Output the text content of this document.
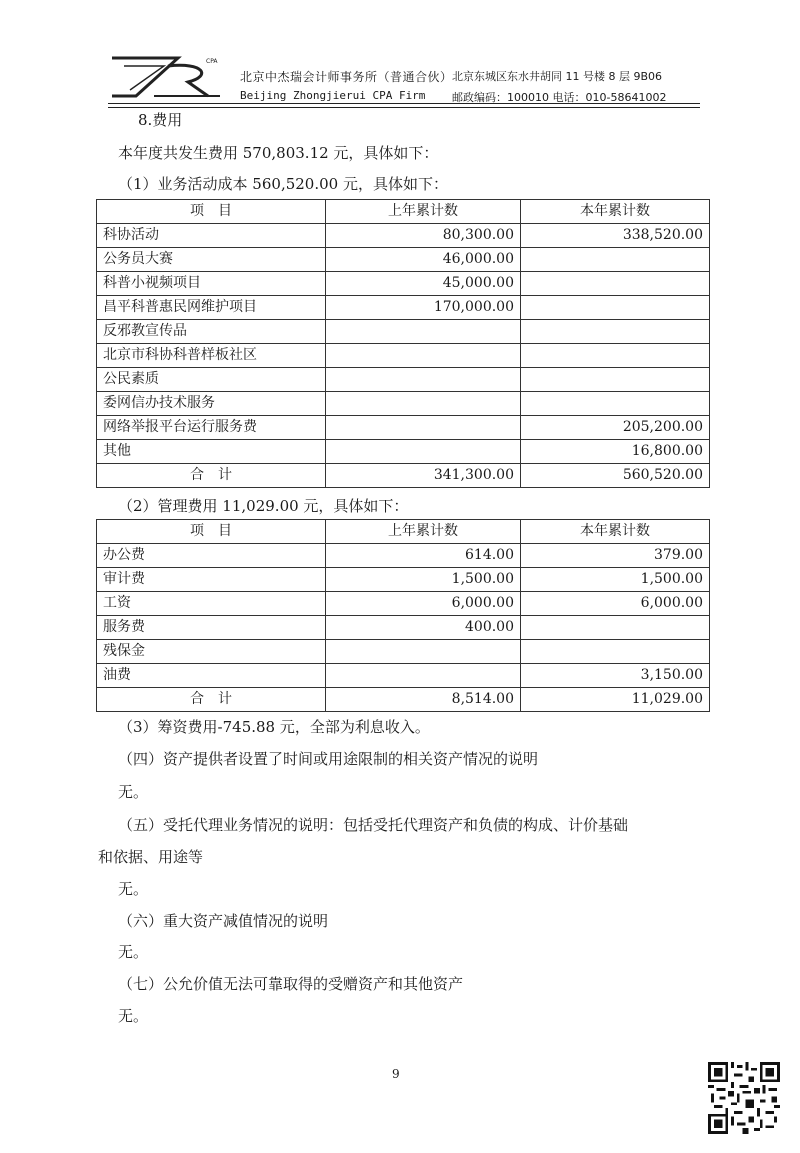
CPA
北京中杰瑞会计师事务所（普通合伙）
Beijing Zhongjierui CPA Firm
北京东城区东水井胡同 11 号楼 8 层 9B06
邮政编码：100010 电话：010-58641002
8.费用
本年度共发生费用 570,803.12 元，具体如下：
（1）业务活动成本 560,520.00 元，具体如下：
项　目	上年累计数	本年累计数
科协活动	80,300.00	338,520.00
公务员大赛	46,000.00	
科普小视频项目	45,000.00	
昌平科普惠民网维护项目	170,000.00	
反邪教宣传品		
北京市科协科普样板社区		
公民素质		
委网信办技术服务		
网络举报平台运行服务费		205,200.00
其他		16,800.00
合　计	341,300.00	560,520.00
（2）管理费用 11,029.00 元，具体如下：
项　目	上年累计数	本年累计数
办公费	614.00	379.00
审计费	1,500.00	1,500.00
工资	6,000.00	6,000.00
服务费	400.00	
残保金		
油费		3,150.00
合　计	8,514.00	11,029.00
（3）筹资费用-745.88 元，全部为利息收入。
（四）资产提供者设置了时间或用途限制的相关资产情况的说明
无。
（五）受托代理业务情况的说明：包括受托代理资产和负债的构成、计价基础
和依据、用途等
无。
（六）重大资产减值情况的说明
无。
（七）公允价值无法可靠取得的受赠资产和其他资产
无。
9
